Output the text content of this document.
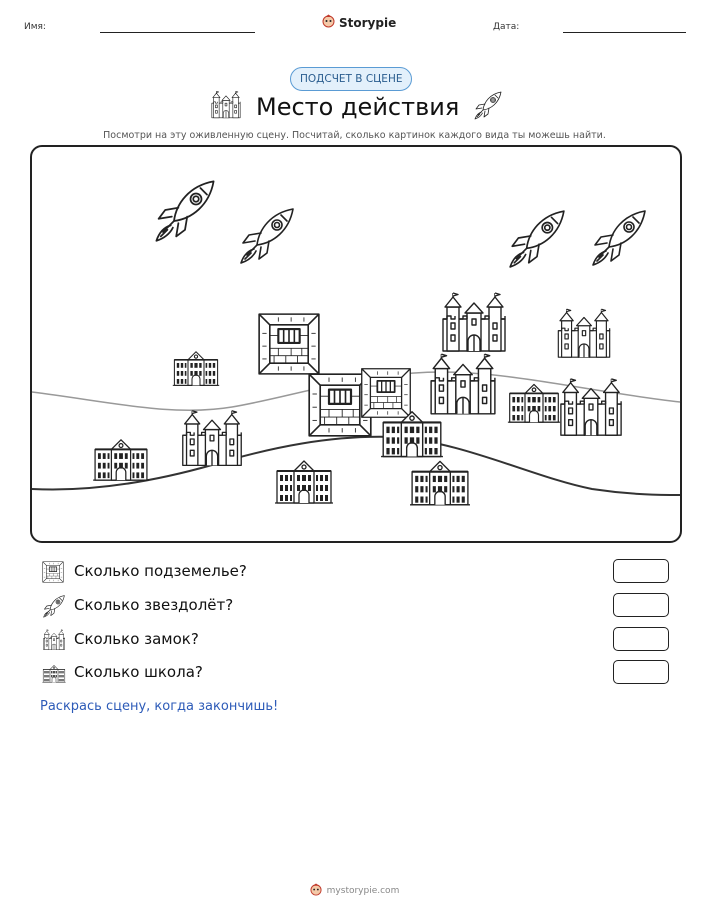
Имя:	Storypie	Дата:
ПОДСЧЕТ В СЦЕНЕ
Место действия
Посмотри на эту оживленную сцену. Посчитай, сколько картинок каждого вида ты можешь найти.
Сколько подземелье?
Сколько звездолёт?
Сколько замок?
Сколько школа?
Раскрась сцену, когда закончишь!
mystorypie.com
